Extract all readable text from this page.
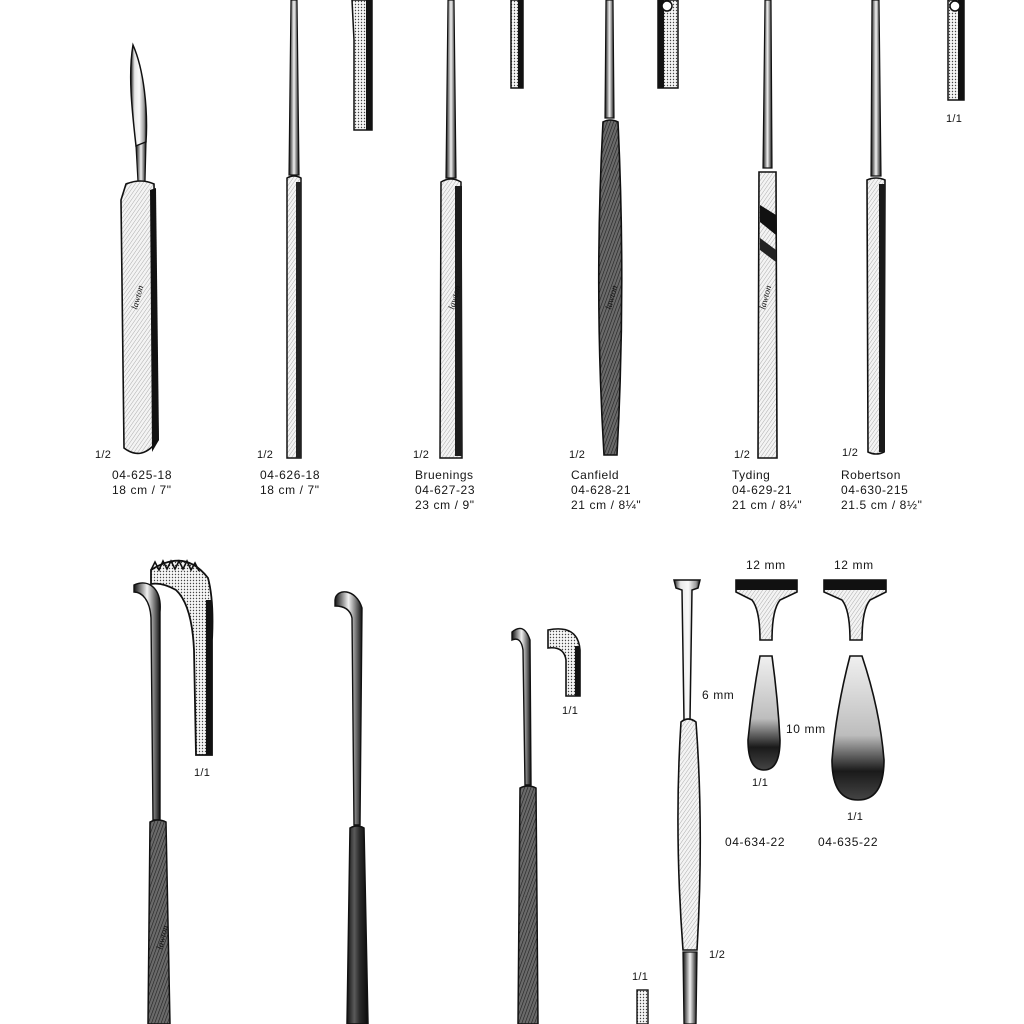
lawton	lawton	lawton	lawton
lawton
1/2
04-625-18
18 cm / 7"
1/2
04-626-18
18 cm / 7"
1/2
Bruenings
04-627-23
23 cm / 9"
1/2
Canfield
04-628-21
21 cm / 8¼"
1/2
Tyding
04-629-21
21 cm / 8¼"
1/2
Robertson
04-630-215
21.5 cm / 8½"
1/1
1/1
1/1
1/1
1/1
1/1
1/2
12 mm	12 mm
6 mm
10 mm
04-634-22	04-635-22
